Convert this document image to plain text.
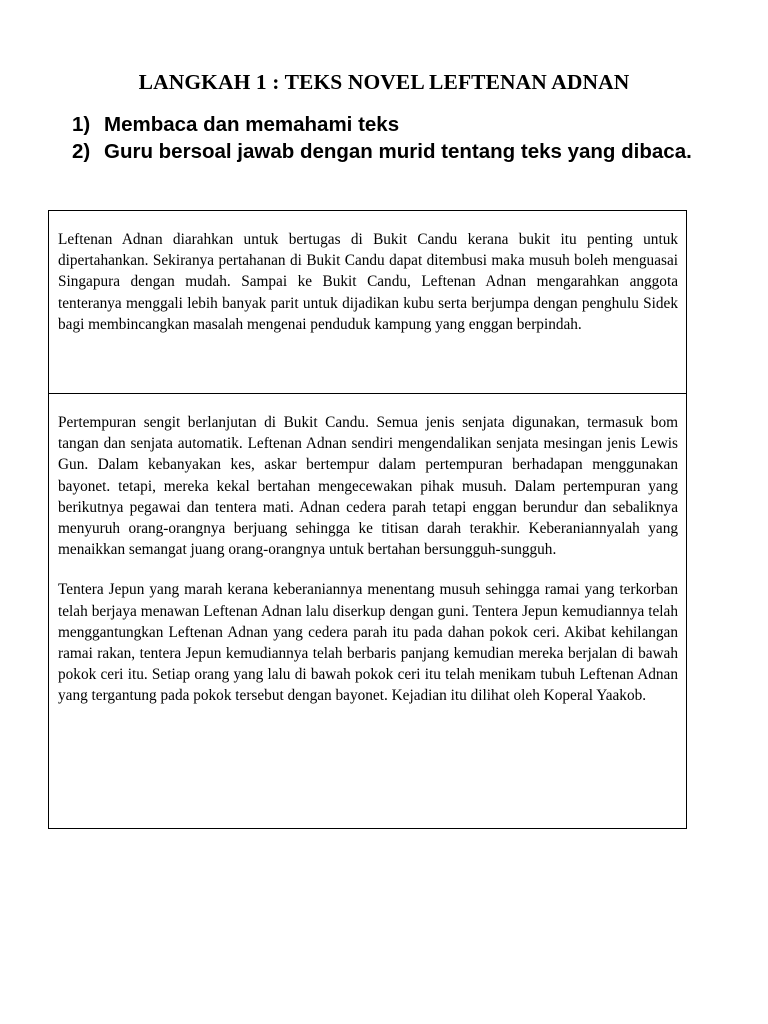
LANGKAH 1 : TEKS NOVEL LEFTENAN ADNAN
1) Membaca dan memahami teks
2) Guru bersoal jawab dengan murid tentang teks yang dibaca.

Leftenan Adnan diarahkan untuk bertugas di Bukit Candu kerana bukit itu penting untuk dipertahankan. Sekiranya pertahanan di Bukit Candu dapat ditembusi maka musuh boleh menguasai Singapura dengan mudah. Sampai ke Bukit Candu, Leftenan Adnan mengarahkan anggota tenteranya menggali lebih banyak parit untuk dijadikan kubu serta berjumpa dengan penghulu Sidek bagi membincangkan masalah mengenai penduduk kampung yang enggan berpindah.

Pertempuran sengit berlanjutan di Bukit Candu. Semua jenis senjata digunakan, termasuk bom tangan dan senjata automatik. Leftenan Adnan sendiri mengendalikan senjata mesingan jenis Lewis Gun. Dalam kebanyakan kes, askar bertempur dalam pertempuran berhadapan menggunakan bayonet. tetapi, mereka kekal bertahan mengecewakan pihak musuh. Dalam pertempuran yang berikutnya pegawai dan tentera mati. Adnan cedera parah tetapi enggan berundur dan sebaliknya menyuruh orang-orangnya berjuang sehingga ke titisan darah terakhir. Keberaniannyalah yang menaikkan semangat juang orang-orangnya untuk bertahan bersungguh-sungguh.

Tentera Jepun yang marah kerana keberaniannya menentang musuh sehingga ramai yang terkorban telah berjaya menawan Leftenan Adnan lalu diserkup dengan guni. Tentera Jepun kemudiannya telah menggantungkan Leftenan Adnan yang cedera parah itu pada dahan pokok ceri. Akibat kehilangan ramai rakan, tentera Jepun kemudiannya telah berbaris panjang kemudian mereka berjalan di bawah pokok ceri itu. Setiap orang yang lalu di bawah pokok ceri itu telah menikam tubuh Leftenan Adnan yang tergantung pada pokok tersebut dengan bayonet. Kejadian itu dilihat oleh Koperal Yaakob.
